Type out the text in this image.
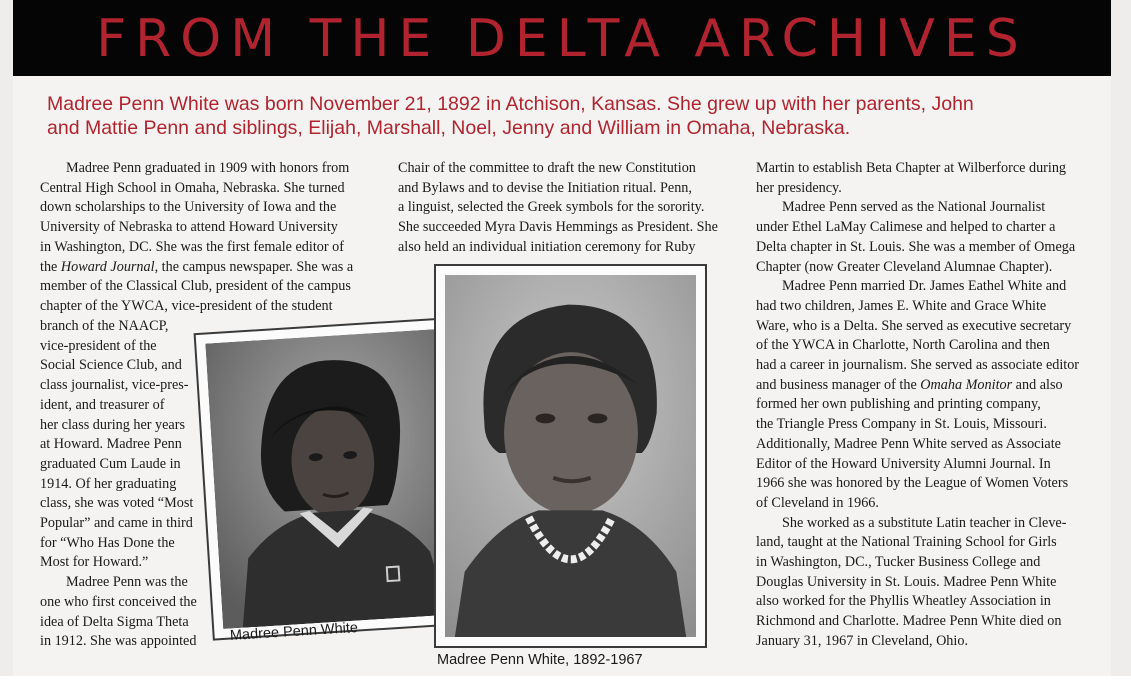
FROM THE DELTA ARCHIVES
Madree Penn White was born November 21, 1892 in Atchison, Kansas. She grew up with her parents, John
and Mattie Penn and siblings, Elijah, Marshall, Noel, Jenny and William in Omaha, Nebraska.
Madree Penn graduated in 1909 with honors from
Central High School in Omaha, Nebraska. She turned
down scholarships to the University of Iowa and the
University of Nebraska to attend Howard University
in Washington, DC. She was the first female editor of
the Howard Journal, the campus newspaper. She was a
member of the Classical Club, president of the campus
chapter of the YWCA, vice-president of the student
branch of the NAACP,
vice-president of the
Social Science Club, and
class journalist, vice-pres-
ident, and treasurer of
her class during her years
at Howard. Madree Penn
graduated Cum Laude in
1914. Of her graduating
class, she was voted “Most
Popular” and came in third
for “Who Has Done the
Most for Howard.”
Madree Penn was the
one who first conceived the
idea of Delta Sigma Theta
in 1912. She was appointed
Chair of the committee to draft the new Constitution
and Bylaws and to devise the Initiation ritual. Penn,
a linguist, selected the Greek symbols for the sorority.
She succeeded Myra Davis Hemmings as President. She
also held an individual initiation ceremony for Ruby
Martin to establish Beta Chapter at Wilberforce during
her presidency.
Madree Penn served as the National Journalist
under Ethel LaMay Calimese and helped to charter a
Delta chapter in St. Louis. She was a member of Omega
Chapter (now Greater Cleveland Alumnae Chapter).
Madree Penn married Dr. James Eathel White and
had two children, James E. White and Grace White
Ware, who is a Delta. She served as executive secretary
of the YWCA in Charlotte, North Carolina and then
had a career in journalism. She served as associate editor
and business manager of the Omaha Monitor and also
formed her own publishing and printing company,
the Triangle Press Company in St. Louis, Missouri.
Additionally, Madree Penn White served as Associate
Editor of the Howard University Alumni Journal. In
1966 she was honored by the League of Women Voters
of Cleveland in 1966.
She worked as a substitute Latin teacher in Cleve-
land, taught at the National Training School for Girls
in Washington, DC., Tucker Business College and
Douglas University in St. Louis. Madree Penn White
also worked for the Phyllis Wheatley Association in
Richmond and Charlotte. Madree Penn White died on
January 31, 1967 in Cleveland, Ohio.
Madree Penn White
Madree Penn White, 1892-1967
